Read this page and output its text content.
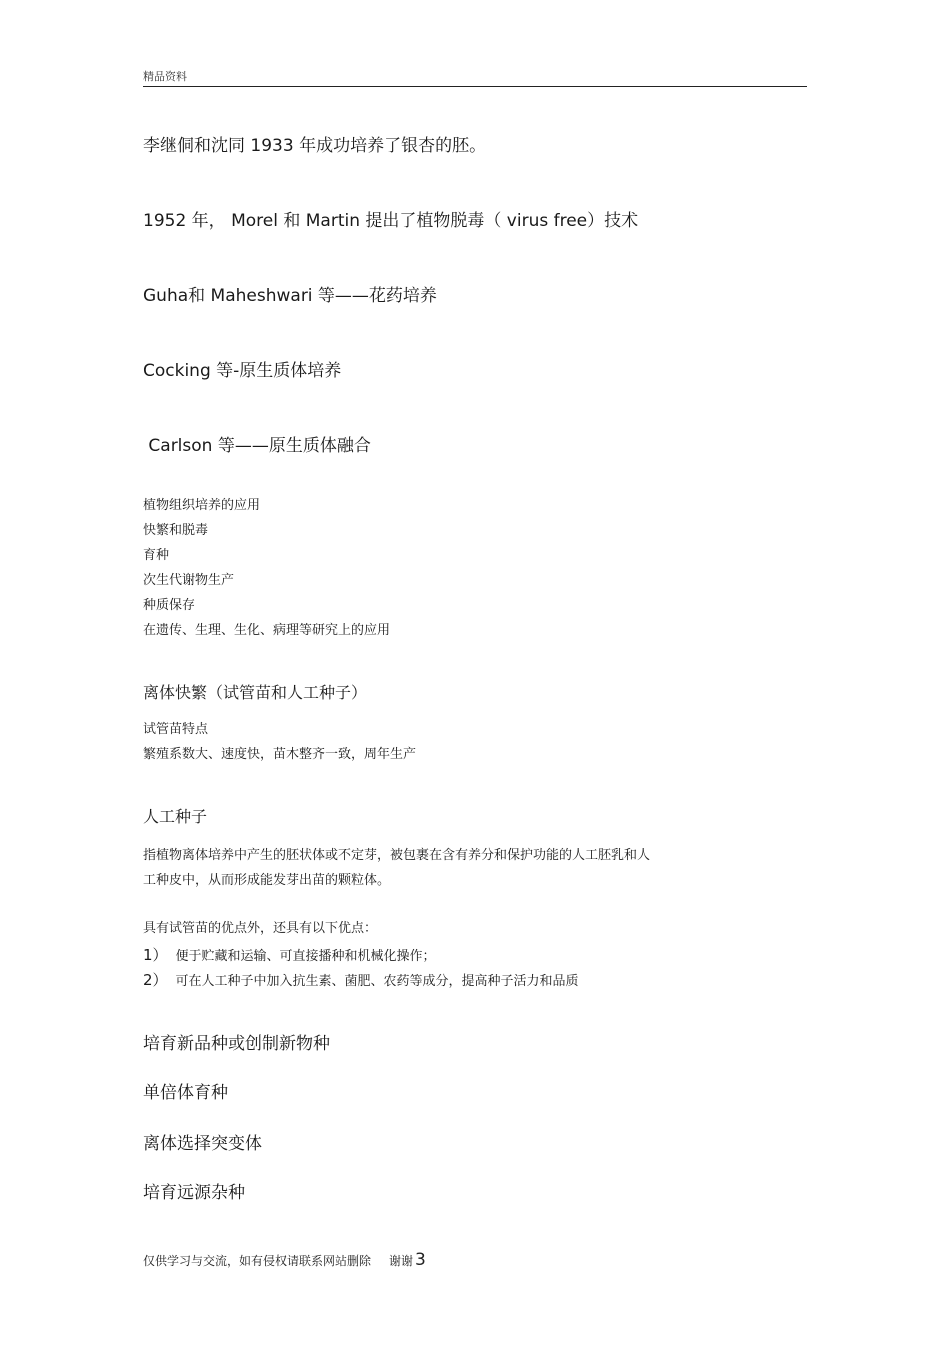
精品资料
李继侗和沈同 1933 年成功培养了银杏的胚。
1952 年， Morel 和 Martin 提出了植物脱毒（ virus free）技术
Guha和 Maheshwari 等——花药培养
Cocking 等-原生质体培养
Carlson 等——原生质体融合
植物组织培养的应用
快繁和脱毒
育种
次生代谢物生产
种质保存
在遗传、生理、生化、病理等研究上的应用
离体快繁（试管苗和人工种子）
试管苗特点
繁殖系数大、速度快，苗木整齐一致，周年生产
人工种子
指植物离体培养中产生的胚状体或不定芽，被包裹在含有养分和保护功能的人工胚乳和人
工种皮中，从而形成能发芽出苗的颗粒体。
具有试管苗的优点外，还具有以下优点：
1） 便于贮藏和运输、可直接播种和机械化操作；
2） 可在人工种子中加入抗生素、菌肥、农药等成分，提高种子活力和品质
培育新品种或创制新物种
单倍体育种
离体选择突变体
培育远源杂种
仅供学习与交流，如有侵权请联系网站删除 谢谢 3
